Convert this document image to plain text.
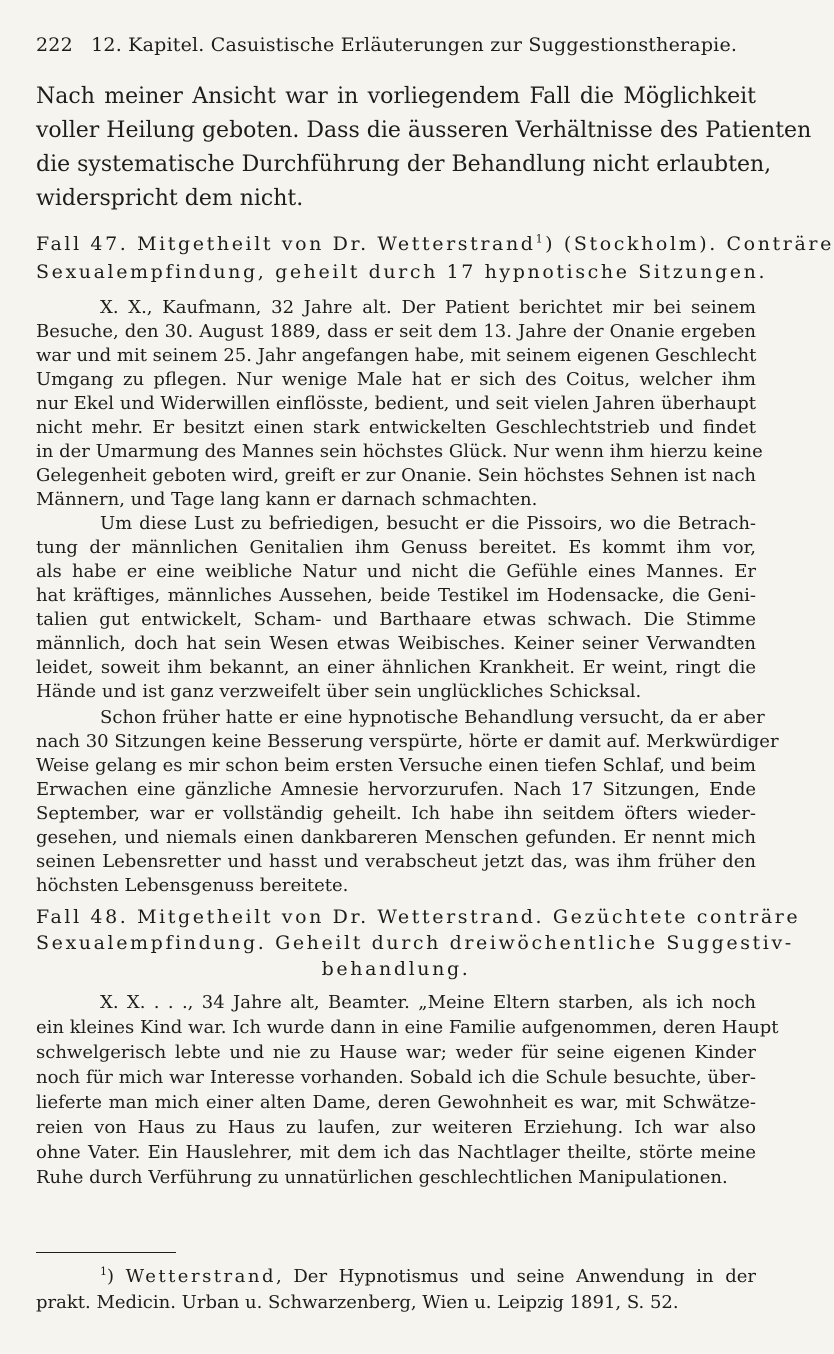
222 12. Kapitel. Casuistische Erläuterungen zur Suggestionstherapie.
Nach meiner Ansicht war in vorliegendem Fall die Möglichkeit
voller Heilung geboten. Dass die äusseren Verhältnisse des Patienten
die systematische Durchführung der Behandlung nicht erlaubten,
widerspricht dem nicht.
Fall 47. Mitgetheilt von Dr. Wetterstrand$^1$) (Stockholm). Conträre
Sexualempfindung, geheilt durch 17 hypnotische Sitzungen.
X. X., Kaufmann, 32 Jahre alt. Der Patient berichtet mir bei seinem
Besuche, den 30. August 1889, dass er seit dem 13. Jahre der Onanie ergeben
war und mit seinem 25. Jahr angefangen habe, mit seinem eigenen Geschlecht
Umgang zu pflegen. Nur wenige Male hat er sich des Coitus, welcher ihm
nur Ekel und Widerwillen einflösste, bedient, und seit vielen Jahren überhaupt
nicht mehr. Er besitzt einen stark entwickelten Geschlechtstrieb und findet
in der Umarmung des Mannes sein höchstes Glück. Nur wenn ihm hierzu keine
Gelegenheit geboten wird, greift er zur Onanie. Sein höchstes Sehnen ist nach
Männern, und Tage lang kann er darnach schmachten.
Um diese Lust zu befriedigen, besucht er die Pissoirs, wo die Betrach-
tung der männlichen Genitalien ihm Genuss bereitet. Es kommt ihm vor,
als habe er eine weibliche Natur und nicht die Gefühle eines Mannes. Er
hat kräftiges, männliches Aussehen, beide Testikel im Hodensacke, die Geni-
talien gut entwickelt, Scham- und Barthaare etwas schwach. Die Stimme
männlich, doch hat sein Wesen etwas Weibisches. Keiner seiner Verwandten
leidet, soweit ihm bekannt, an einer ähnlichen Krankheit. Er weint, ringt die
Hände und ist ganz verzweifelt über sein unglückliches Schicksal.
Schon früher hatte er eine hypnotische Behandlung versucht, da er aber
nach 30 Sitzungen keine Besserung verspürte, hörte er damit auf. Merkwürdiger
Weise gelang es mir schon beim ersten Versuche einen tiefen Schlaf, und beim
Erwachen eine gänzliche Amnesie hervorzurufen. Nach 17 Sitzungen, Ende
September, war er vollständig geheilt. Ich habe ihn seitdem öfters wieder-
gesehen, und niemals einen dankbareren Menschen gefunden. Er nennt mich
seinen Lebensretter und hasst und verabscheut jetzt das, was ihm früher den
höchsten Lebensgenuss bereitete.
Fall 48. Mitgetheilt von Dr. Wetterstrand. Gezüchtete conträre
Sexualempfindung. Geheilt durch dreiwöchentliche Suggestiv-
behandlung.
X. X. . . ., 34 Jahre alt, Beamter. „Meine Eltern starben, als ich noch
ein kleines Kind war. Ich wurde dann in eine Familie aufgenommen, deren Haupt
schwelgerisch lebte und nie zu Hause war; weder für seine eigenen Kinder
noch für mich war Interesse vorhanden. Sobald ich die Schule besuchte, über-
lieferte man mich einer alten Dame, deren Gewohnheit es war, mit Schwätze-
reien von Haus zu Haus zu laufen, zur weiteren Erziehung. Ich war also
ohne Vater. Ein Hauslehrer, mit dem ich das Nachtlager theilte, störte meine
Ruhe durch Verführung zu unnatürlichen geschlechtlichen Manipulationen.
$^1$) Wetterstrand, Der Hypnotismus und seine Anwendung in der
prakt. Medicin. Urban u. Schwarzenberg, Wien u. Leipzig 1891, S. 52.
